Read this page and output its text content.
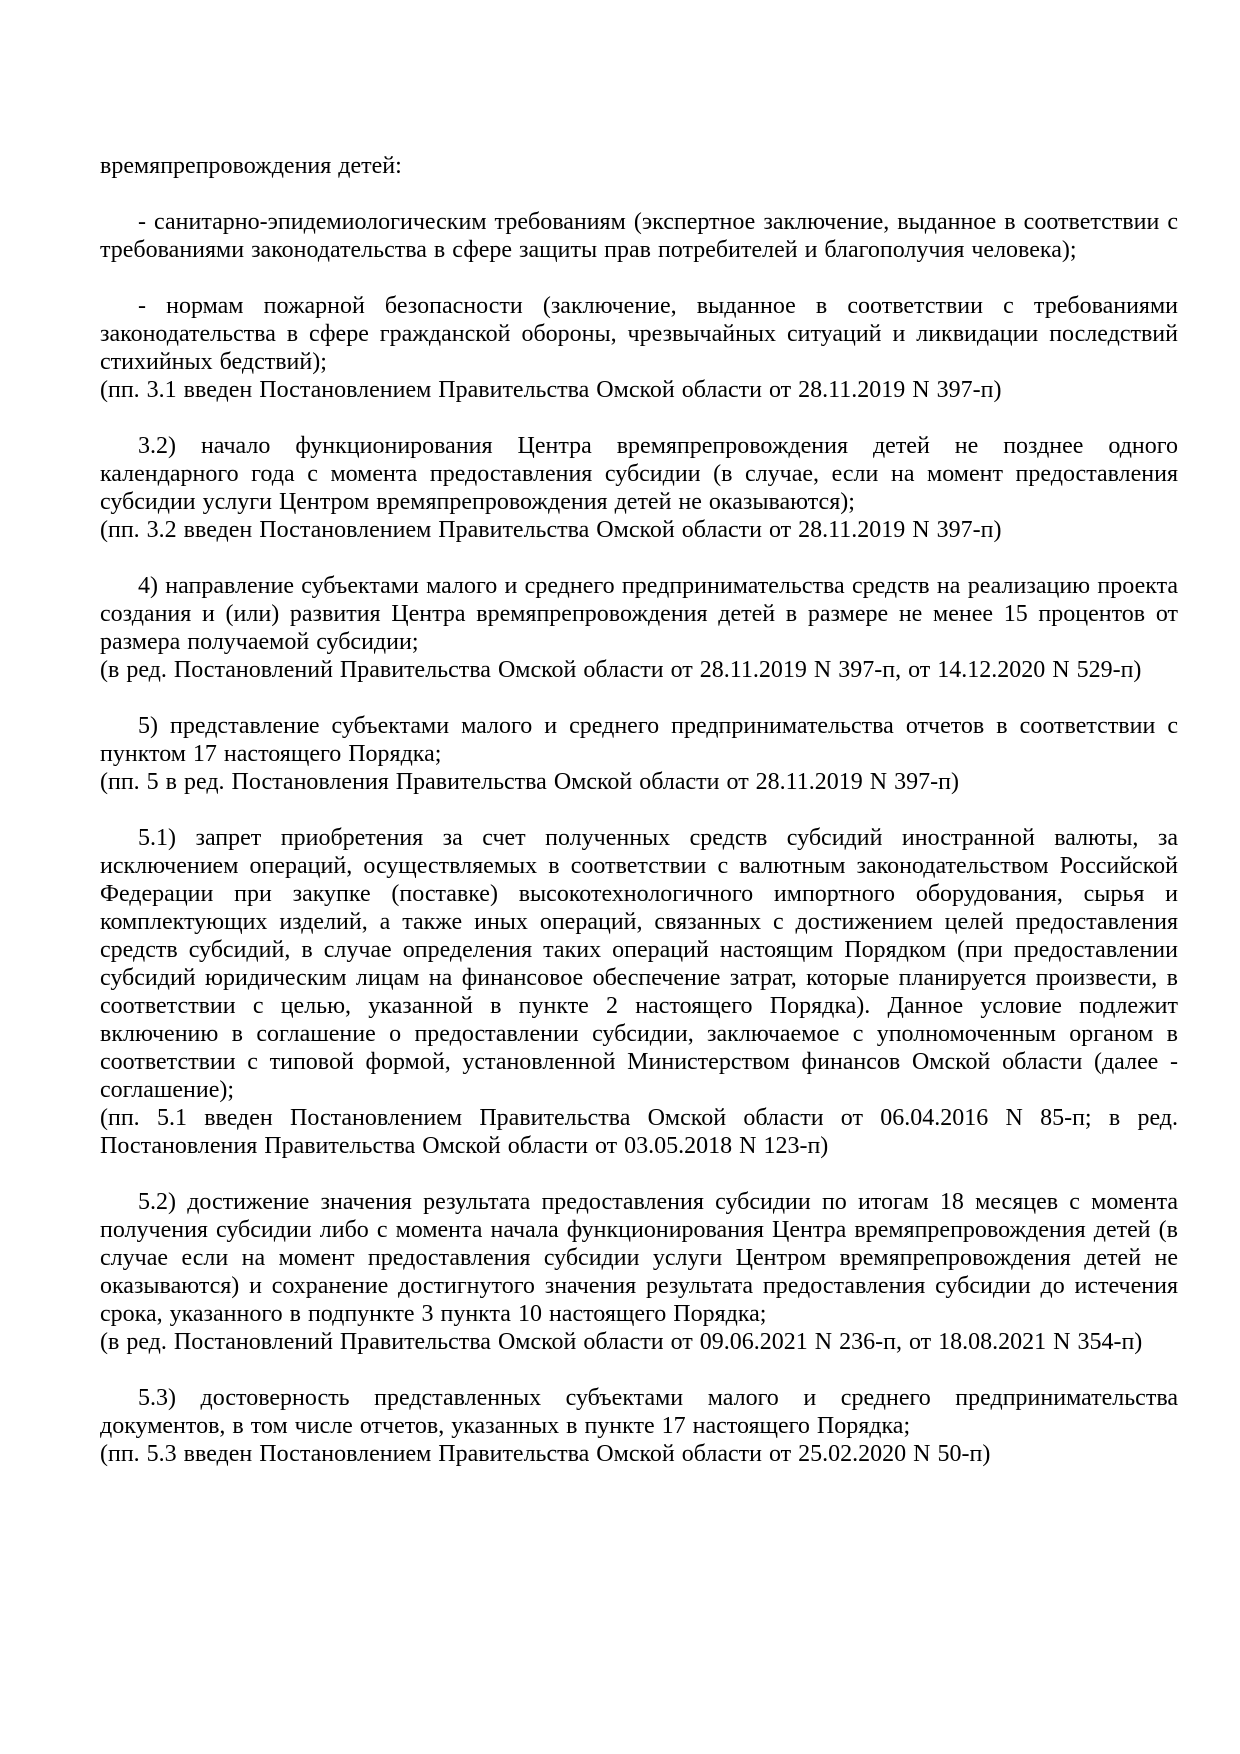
времяпрепровождения детей:

- санитарно-эпидемиологическим требованиям (экспертное заключение, выданное в соответствии с требованиями законодательства в сфере защиты прав потребителей и благополучия человека);

- нормам пожарной безопасности (заключение, выданное в соответствии с требованиями законодательства в сфере гражданской обороны, чрезвычайных ситуаций и ликвидации последствий стихийных бедствий);

(пп. 3.1 введен Постановлением Правительства Омской области от 28.11.2019 N 397-п)

3.2) начало функционирования Центра времяпрепровождения детей не позднее одного календарного года с момента предоставления субсидии (в случае, если на момент предоставления субсидии услуги Центром времяпрепровождения детей не оказываются);

(пп. 3.2 введен Постановлением Правительства Омской области от 28.11.2019 N 397-п)

4) направление субъектами малого и среднего предпринимательства средств на реализацию проекта создания и (или) развития Центра времяпрепровождения детей в размере не менее 15 процентов от размера получаемой субсидии;

(в ред. Постановлений Правительства Омской области от 28.11.2019 N 397-п, от 14.12.2020 N 529-п)

5) представление субъектами малого и среднего предпринимательства отчетов в соответствии с пунктом 17 настоящего Порядка;

(пп. 5 в ред. Постановления Правительства Омской области от 28.11.2019 N 397-п)

5.1) запрет приобретения за счет полученных средств субсидий иностранной валюты, за исключением операций, осуществляемых в соответствии с валютным законодательством Российской Федерации при закупке (поставке) высокотехнологичного импортного оборудования, сырья и комплектующих изделий, а также иных операций, связанных с достижением целей предоставления средств субсидий, в случае определения таких операций настоящим Порядком (при предоставлении субсидий юридическим лицам на финансовое обеспечение затрат, которые планируется произвести, в соответствии с целью, указанной в пункте 2 настоящего Порядка). Данное условие подлежит включению в соглашение о предоставлении субсидии, заключаемое с уполномоченным органом в соответствии с типовой формой, установленной Министерством финансов Омской области (далее - соглашение);

(пп. 5.1 введен Постановлением Правительства Омской области от 06.04.2016 N 85-п; в ред. Постановления Правительства Омской области от 03.05.2018 N 123-п)

5.2) достижение значения результата предоставления субсидии по итогам 18 месяцев с момента получения субсидии либо с момента начала функционирования Центра времяпрепровождения детей (в случае если на момент предоставления субсидии услуги Центром времяпрепровождения детей не оказываются) и сохранение достигнутого значения результата предоставления субсидии до истечения срока, указанного в подпункте 3 пункта 10 настоящего Порядка;

(в ред. Постановлений Правительства Омской области от 09.06.2021 N 236-п, от 18.08.2021 N 354-п)

5.3) достоверность представленных субъектами малого и среднего предпринимательства документов, в том числе отчетов, указанных в пункте 17 настоящего Порядка;

(пп. 5.3 введен Постановлением Правительства Омской области от 25.02.2020 N 50-п)
